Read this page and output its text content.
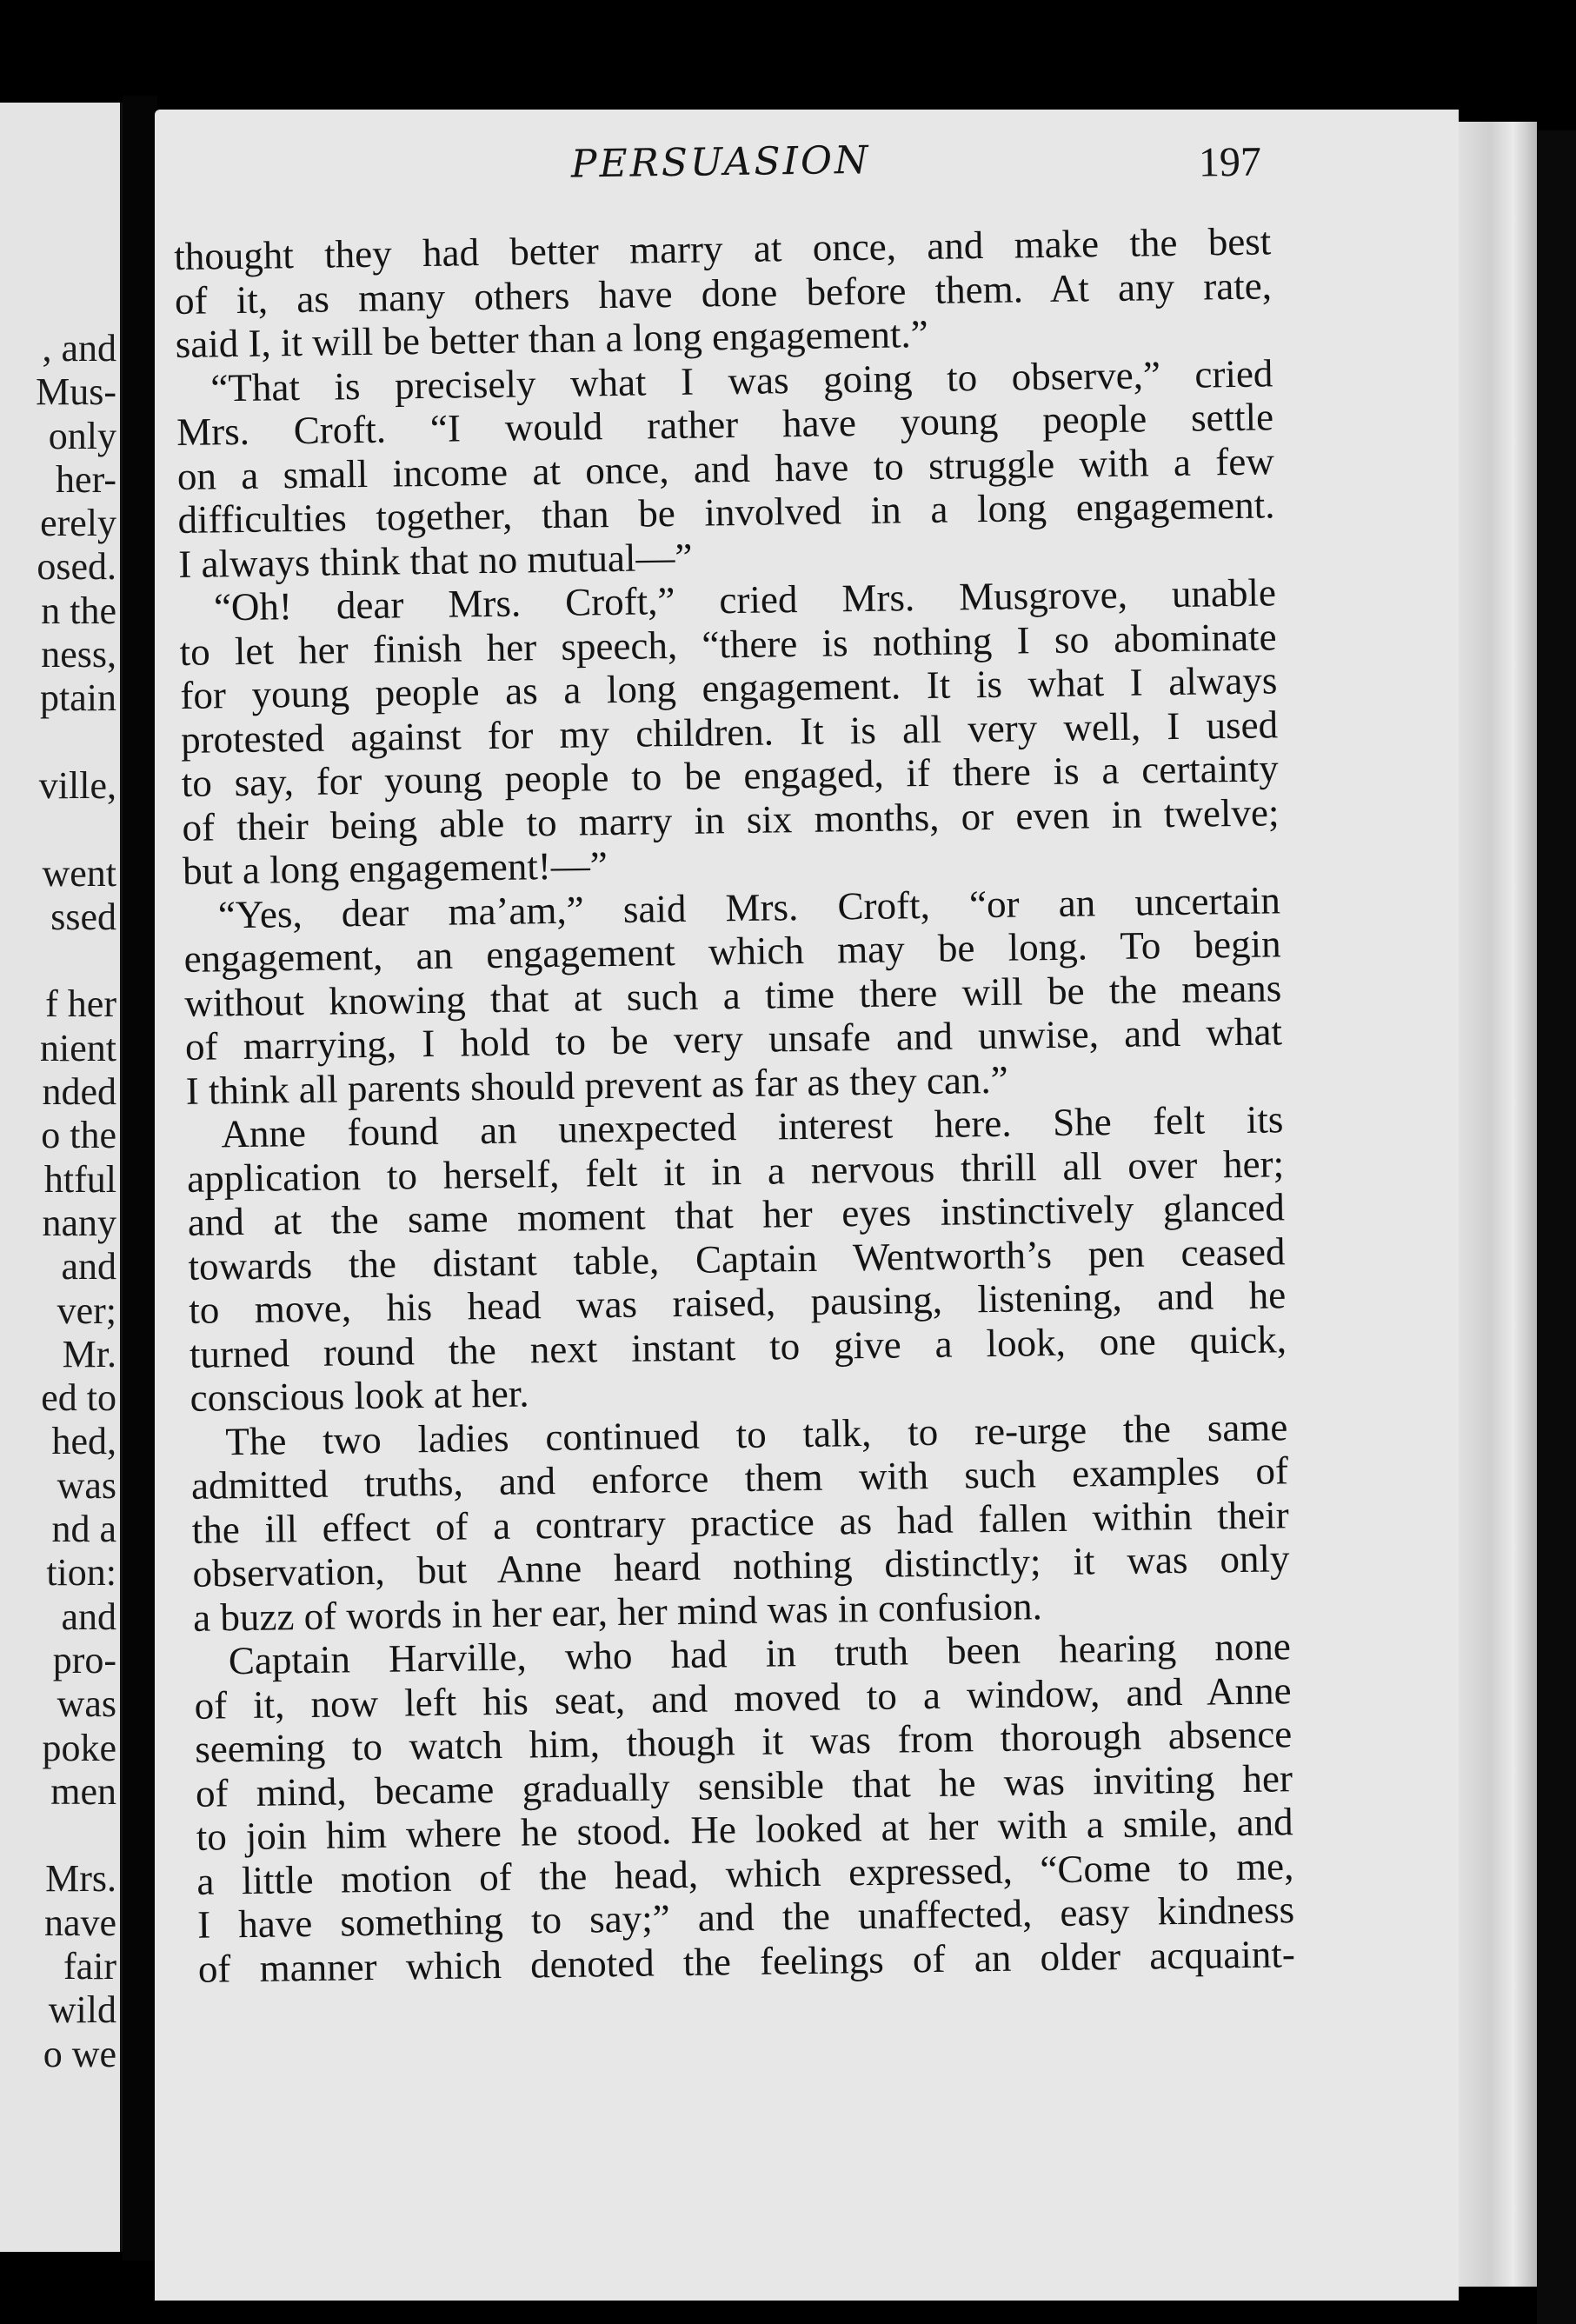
, and
Mus-
only
her-
erely
osed.
n the
ness,
ptain
ville,
went
ssed
f her
nient
nded
o the
htful
nany
and
ver;
Mr.
ed to
hed,
was
nd a
tion:
and
pro-
was
poke
men
Mrs.
nave
fair
wild
o we
PERSUASION	197
thought they had better marry at once, and make the best
of it, as many others have done before them. At any rate,
said I, it will be better than a long engagement.”
“That is precisely what I was going to observe,” cried
Mrs. Croft. “I would rather have young people settle
on a small income at once, and have to struggle with a few
difficulties together, than be involved in a long engagement.
I always think that no mutual—”
“Oh! dear Mrs. Croft,” cried Mrs. Musgrove, unable
to let her finish her speech, “there is nothing I so abominate
for young people as a long engagement. It is what I always
protested against for my children. It is all very well, I used
to say, for young people to be engaged, if there is a certainty
of their being able to marry in six months, or even in twelve;
but a long engagement!—”
“Yes, dear ma’am,” said Mrs. Croft, “or an uncertain
engagement, an engagement which may be long. To begin
without knowing that at such a time there will be the means
of marrying, I hold to be very unsafe and unwise, and what
I think all parents should prevent as far as they can.”
Anne found an unexpected interest here. She felt its
application to herself, felt it in a nervous thrill all over her;
and at the same moment that her eyes instinctively glanced
towards the distant table, Captain Wentworth’s pen ceased
to move, his head was raised, pausing, listening, and he
turned round the next instant to give a look, one quick,
conscious look at her.
The two ladies continued to talk, to re-urge the same
admitted truths, and enforce them with such examples of
the ill effect of a contrary practice as had fallen within their
observation, but Anne heard nothing distinctly; it was only
a buzz of words in her ear, her mind was in confusion.
Captain Harville, who had in truth been hearing none
of it, now left his seat, and moved to a window, and Anne
seeming to watch him, though it was from thorough absence
of mind, became gradually sensible that he was inviting her
to join him where he stood. He looked at her with a smile, and
a little motion of the head, which expressed, “Come to me,
I have something to say;” and the unaffected, easy kindness
of manner which denoted the feelings of an older acquaint-
